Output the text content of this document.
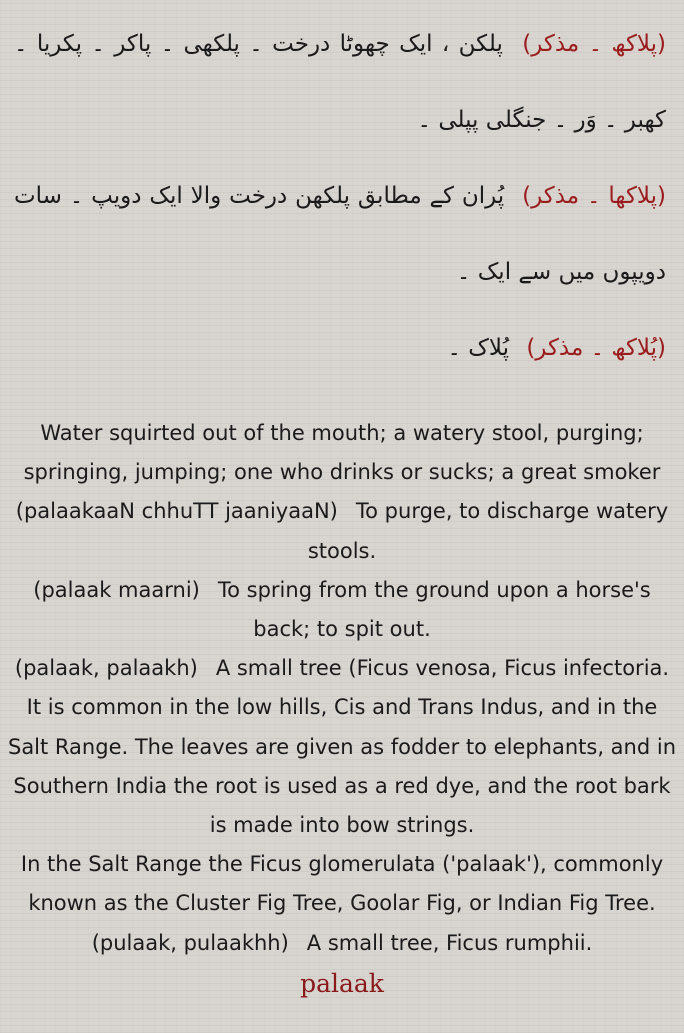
(پلاکھ ۔ مذکر) پلکن ، ایک چھوٹا درخت ۔ پلکھی ۔ پاکر ۔ پکریا ۔ کھبر ۔ وَر ۔ جنگلی پپلی ۔

(پلاکھا ۔ مذکر) پُران کے مطابق پلکھن درخت والا ایک دویپ ۔ سات دویپوں میں سے ایک ۔

(پُلاکھ ۔ مذکر) پُلاک ۔

Water squirted out of the mouth; a watery stool, purging; springing, jumping; one who drinks or sucks; a great smoker

(palaakaaN chhuTT jaaniyaaN) To purge, to discharge watery stools.

(palaak maarni) To spring from the ground upon a horse's back; to spit out.

(palaak, palaakh) A small tree (Ficus venosa, Ficus infectoria. It is common in the low hills, Cis and Trans Indus, and in the Salt Range. The leaves are given as fodder to elephants, and in Southern India the root is used as a red dye, and the root bark is made into bow strings.

In the Salt Range the Ficus glomerulata ('palaak'), commonly known as the Cluster Fig Tree, Goolar Fig, or Indian Fig Tree.

(pulaak, pulaakhh) A small tree, Ficus rumphii.

palaak
